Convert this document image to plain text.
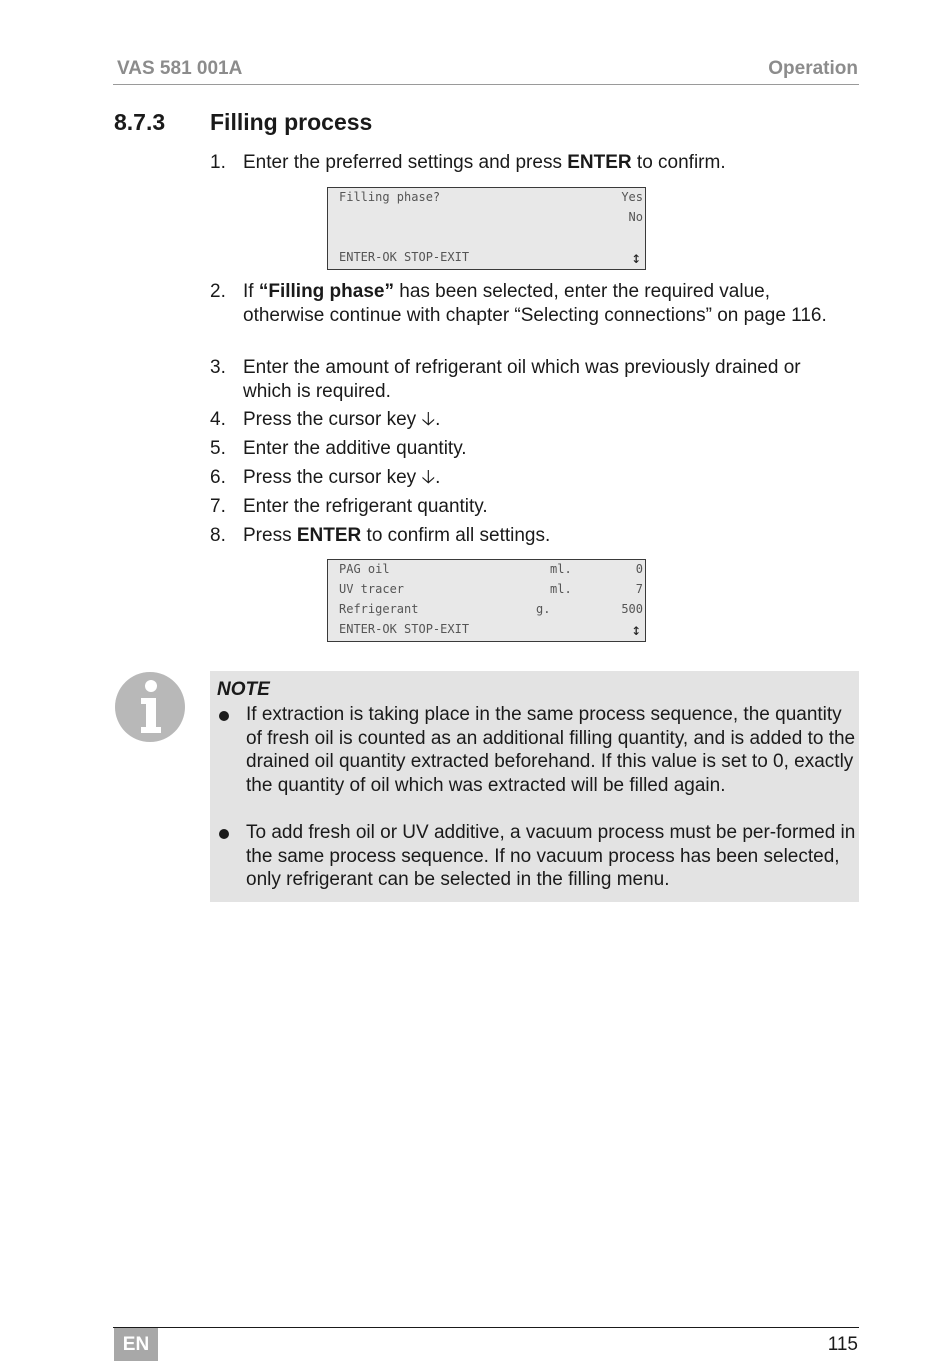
VAS 581 001A	Operation
8.7.3 Filling process
1. Enter the preferred settings and press ENTER to confirm.
Filling phase?	Yes
No
ENTER-OK STOP-EXIT	↕
2. If “Filling phase” has been selected, enter the required value, otherwise continue with chapter “Selecting connections” on page 116.
3. Enter the amount of refrigerant oil which was previously drained or which is required.
4. Press the cursor key 🡣.
5. Enter the additive quantity.
6. Press the cursor key 🡣.
7. Enter the refrigerant quantity.
8. Press ENTER to confirm all settings.
PAG oil	ml.	0
UV tracer	ml.	7
Refrigerant	g.	500
ENTER-OK STOP-EXIT	↕
NOTE
If extraction is taking place in the same process sequence, the quantity of fresh oil is counted as an additional filling quantity, and is added to the drained oil quantity extracted beforehand. If this value is set to 0, exactly the quantity of oil which was extracted will be filled again.
To add fresh oil or UV additive, a vacuum process must be per-formed in the same process sequence. If no vacuum process has been selected, only refrigerant can be selected in the filling menu.
EN	115
